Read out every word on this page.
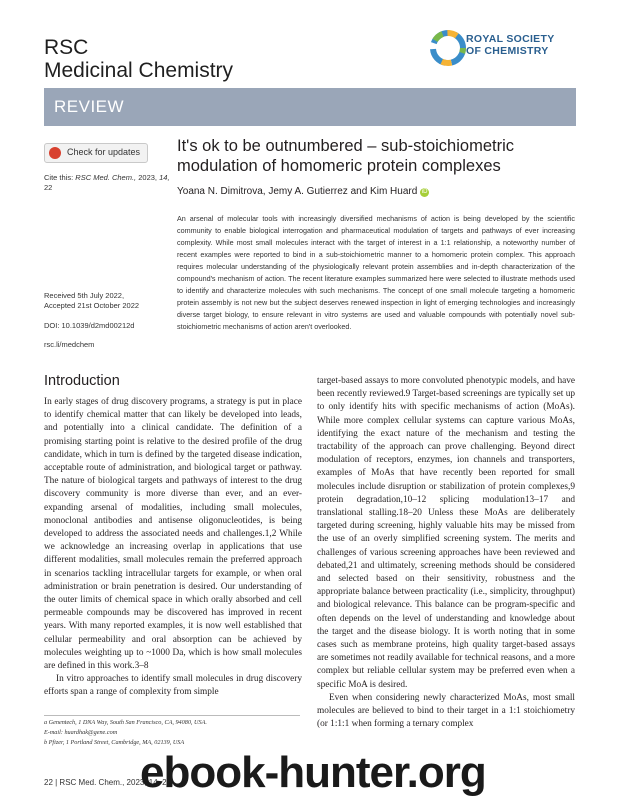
RSC
Medicinal Chemistry
ROYAL SOCIETY
OF CHEMISTRY
REVIEW
Check for updates
Cite this: RSC Med. Chem., 2023, 14,
22
Received 5th July 2022,
Accepted 21st October 2022
DOI: 10.1039/d2md00212d
rsc.li/medchem
It's ok to be outnumbered – sub-stoichiometric modulation of homomeric protein complexes
Yoana N. Dimitrova, Jemy A. Gutierrez and Kim Huard iD
An arsenal of molecular tools with increasingly diversified mechanisms of action is being developed by the scientific community to enable biological interrogation and pharmaceutical modulation of targets and pathways of ever increasing complexity. While most small molecules interact with the target of interest in a 1:1 relationship, a noteworthy number of recent examples were reported to bind in a sub-stoichiometric manner to a homomeric protein complex. This approach requires molecular understanding of the physiologically relevant protein assemblies and in-depth characterization of the compound's mechanism of action. The recent literature examples summarized here were selected to illustrate methods used to identify and characterize molecules with such mechanisms. The concept of one small molecule targeting a homomeric protein assembly is not new but the subject deserves renewed inspection in light of emerging technologies and increasingly diverse target biology, to ensure relevant in vitro systems are used and valuable compounds with potentially novel sub-stoichiometric mechanisms of action aren't overlooked.
Introduction

In early stages of drug discovery programs, a strategy is put in place to identify chemical matter that can likely be developed into leads, and potentially into a clinical candidate. The definition of a promising starting point is relative to the desired profile of the drug candidate, which in turn is defined by the targeted disease indication, acceptable route of administration, and biological target or pathway. The nature of biological targets and pathways of interest to the drug discovery community is more diverse than ever, and an ever-expanding arsenal of modalities, including small molecules, monoclonal antibodies and antisense oligonucleotides, is being developed to address the associated needs and challenges.1,2 While we acknowledge an increasing overlap in applications that use different modalities, small molecules remain the preferred approach in scenarios tackling intracellular targets for example, or when oral administration or brain penetration is desired. Our understanding of the outer limits of chemical space in which orally absorbed and cell permeable compounds may be discovered has improved in recent years. With many reported examples, it is now well established that cellular permeability and oral absorption can be achieved by molecules weighting up to ~1000 Da, which is how small molecules are defined in this work.3–8

In vitro approaches to identify small molecules in drug discovery efforts span a range of complexity from simple

target-based assays to more convoluted phenotypic models, and have been recently reviewed.9 Target-based screenings are typically set up to only identify hits with specific mechanisms of action (MoAs). While more complex cellular systems can capture various MoAs, identifying the exact nature of the mechanism and testing the tractability of the approach can prove challenging. Beyond direct modulation of receptors, enzymes, ion channels and transporters, examples of MoAs that have recently been reported for small molecules include disruption or stabilization of protein complexes,9 protein degradation,10–12 splicing modulation13–17 and translational stalling.18–20 Unless these MoAs are deliberately targeted during screening, highly valuable hits may be missed from the use of an overly simplified screening system. The merits and challenges of various screening approaches have been reviewed and debated,21 and ultimately, screening methods should be considered and selected based on their sensitivity, robustness and the appropriate balance between practicality (i.e., simplicity, throughput) and biological relevance. This balance can be program-specific and often depends on the level of understanding and knowledge about the target and the disease biology. It is worth noting that in some cases such as membrane proteins, high quality target-based assays are sometimes not readily available for technical reasons, and a more complex but reliable cellular system may be preferred even when a specific MoA is desired.

Even when considering newly characterized MoAs, most small molecules are believed to bind to their target in a 1:1 stoichiometry (or 1:1:1 when forming a ternary complex

a Genentech, 1 DNA Way, South San Francisco, CA, 94080, USA.
E-mail: huardhak@gene.com
b Pfizer, 1 Portland Street, Cambridge, MA, 02139, USA
22 | RSC Med. Chem., 2023, 14, 22
ebook-hunter.org
